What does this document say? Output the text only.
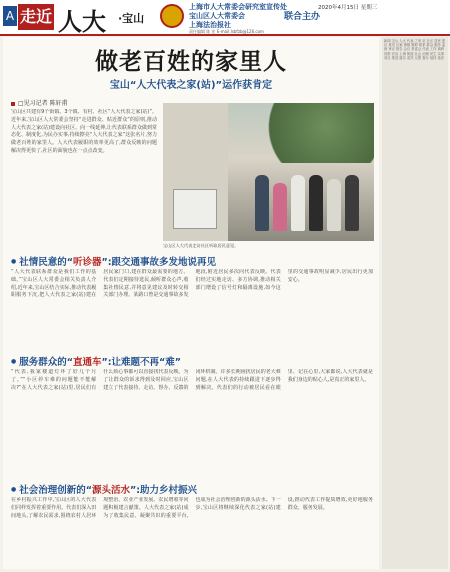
A 走近 人大 ·宝山
上海市人大常委会研究室宣传处
宝山区人大常委会
上海法治报社
联合主办
2020年4月15日 星期三
责任编辑 陈 宏 E-mail:lsbfzb@126.com
做老百姓的家里人
宝山“人大代表之家(站)”运作获肯定
□见习记者 陈轩甫
宝山区共建有9个街镇、3个镇、有村、社区“人大代表之家(站)”。近年来,宝山区人大常委会坚持“走进群众、贴近群众”的原则,推动人大代表之家(站)建设向社区、向一线延伸,让代表联系群众做到常态化、制度化,为民办实事,持续擦亮“人大代表之家”这张名片,努力做老百姓的家里人。人大代表履职的效率更高了,群众反映的问题解决得更快了,社区的面貌也在一点点改变。
宝山区人大代表走访社区听取居民意见。
● 社情民意的“听诊器”:跟交通事故多发地说再见
“人大代表联系群众是我们工作的基础。”宝山区人大常委会相关负责人介绍,近年来,宝山区结合实际,推动代表履职服务下沉,把人大代表之家(站)建在居民家门口,建在群众最需要的地方。代表们定期接待选民,倾听群众心声,收集社情民意,并将意见建议及时转交相关部门办理。某路口曾是交通事故多发地段,附近居民多次向代表反映。代表们经过实地走访、多方协调,推动相关部门增设了信号灯和隔离设施,如今这里的交通事故明显减少,居民出行更加安心。
● 服务群众的“直通车”:让难题不再“难”
“代表,我家楼道灯坏了好几个月了。”“小区停车难的问题能不能解决?”在人大代表之家(站)里,居民们有什么烦心事都可以直接找代表反映。为了让群众的诉求得到及时回应,宝山区建立了代表接待、走访、督办、反馈的闭环机制。许多长期困扰居民的老大难问题,在人大代表的持续跟进下逐步得到解决。代表们的行动被居民看在眼里、记在心里,大家都说,人大代表就是我们身边的贴心人,是真正的家里人。
● 社会治理创新的“源头活水”:助力乡村振兴
在乡村振兴工作中,宝山区的人大代表们同样发挥着重要作用。代表们深入田间地头,了解农民需求,围绕农村人居环境整治、农业产业发展、农民增收等问题积极建言献策。人大代表之家(站)成为了收集民意、凝聚共识的重要平台,也成为社会治理创新的源头活水。下一步,宝山区将继续深化代表之家(站)建设,推动代表工作提质增效,更好地服务群众、服务发展。
新闻 宝山 人大 代表 之家 站 社区 居民 建议 意见 议案 街镇 履职 联系 群众 服务 监督 审议 报告 会议 常委会 代表 工作 调研 视察 法治 上海 街道 社会 治理 民生 实事 项目 推进 落实 成效 反馈 督办 接待 选民
